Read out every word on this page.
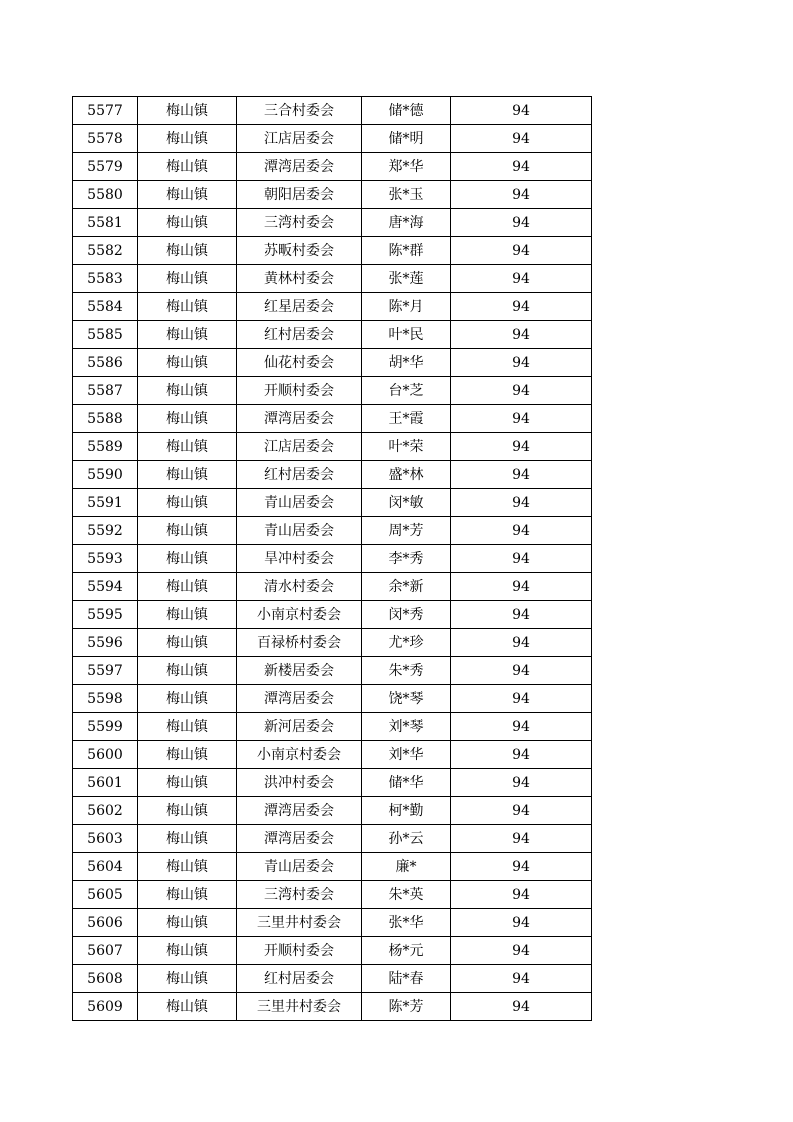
5577	梅山镇	三合村委会	储*德	94
5578	梅山镇	江店居委会	储*明	94
5579	梅山镇	潭湾居委会	郑*华	94
5580	梅山镇	朝阳居委会	张*玉	94
5581	梅山镇	三湾村委会	唐*海	94
5582	梅山镇	苏畈村委会	陈*群	94
5583	梅山镇	黄林村委会	张*莲	94
5584	梅山镇	红星居委会	陈*月	94
5585	梅山镇	红村居委会	叶*民	94
5586	梅山镇	仙花村委会	胡*华	94
5587	梅山镇	开顺村委会	台*芝	94
5588	梅山镇	潭湾居委会	王*霞	94
5589	梅山镇	江店居委会	叶*荣	94
5590	梅山镇	红村居委会	盛*林	94
5591	梅山镇	青山居委会	闵*敏	94
5592	梅山镇	青山居委会	周*芳	94
5593	梅山镇	旱冲村委会	李*秀	94
5594	梅山镇	清水村委会	余*新	94
5595	梅山镇	小南京村委会	闵*秀	94
5596	梅山镇	百禄桥村委会	尤*珍	94
5597	梅山镇	新楼居委会	朱*秀	94
5598	梅山镇	潭湾居委会	饶*琴	94
5599	梅山镇	新河居委会	刘*琴	94
5600	梅山镇	小南京村委会	刘*华	94
5601	梅山镇	洪冲村委会	储*华	94
5602	梅山镇	潭湾居委会	柯*勤	94
5603	梅山镇	潭湾居委会	孙*云	94
5604	梅山镇	青山居委会	廉*	94
5605	梅山镇	三湾村委会	朱*英	94
5606	梅山镇	三里井村委会	张*华	94
5607	梅山镇	开顺村委会	杨*元	94
5608	梅山镇	红村居委会	陆*春	94
5609	梅山镇	三里井村委会	陈*芳	94
